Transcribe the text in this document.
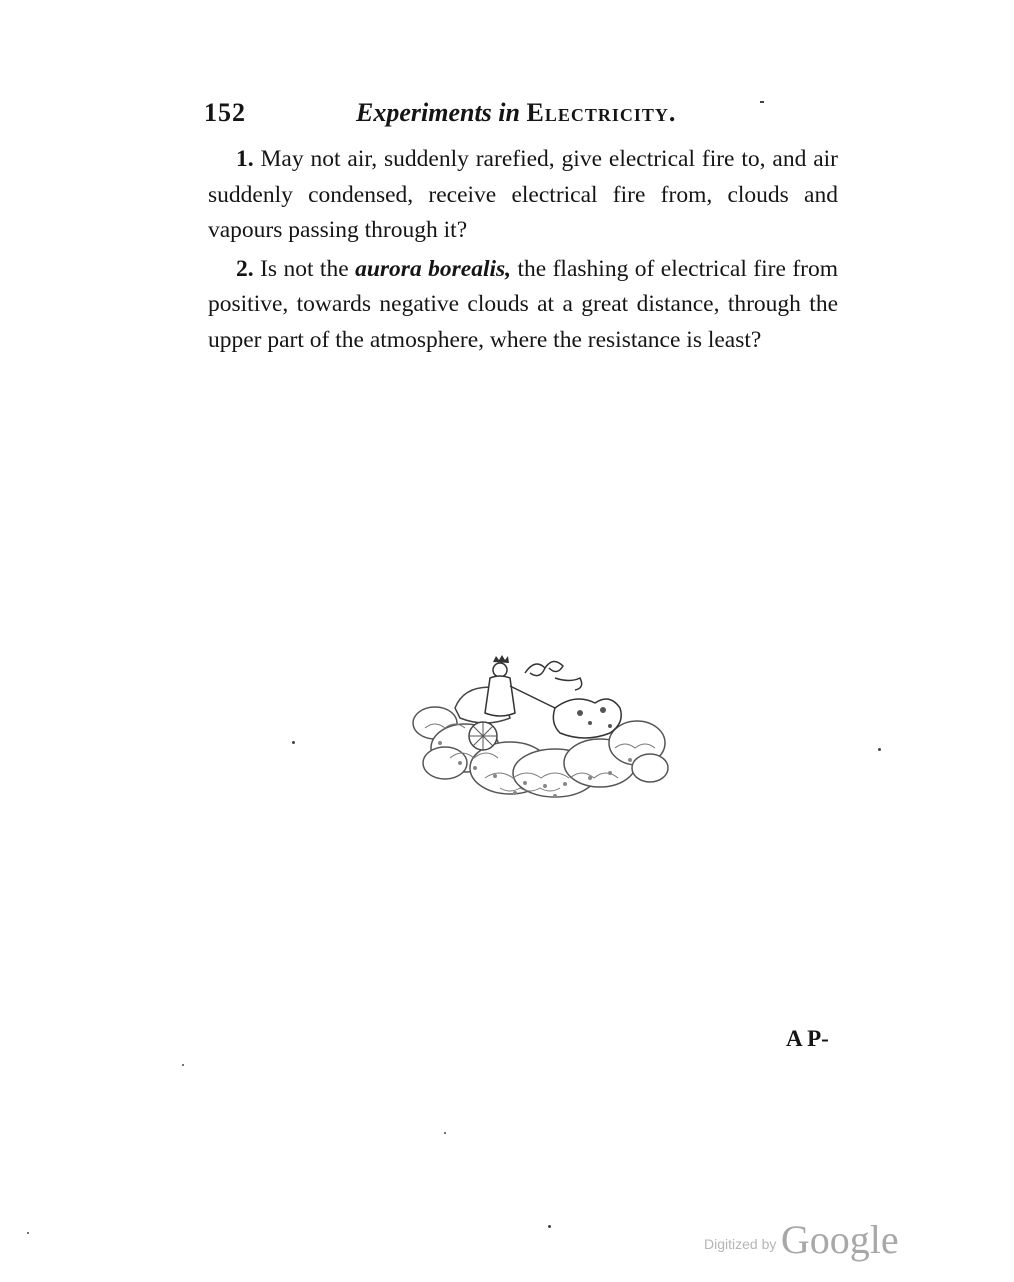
152	Experiments in Electricity.

1. May not air, suddenly rarefied, give electrical fire to, and air suddenly condensed, receive electrical fire from, clouds and vapours passing through it?

2. Is not the aurora borealis, the flashing of electrical fire from positive, towards negative clouds at a great distance, through the upper part of the atmosphere, where the resistance is least?

A P-
Digitized by Google
